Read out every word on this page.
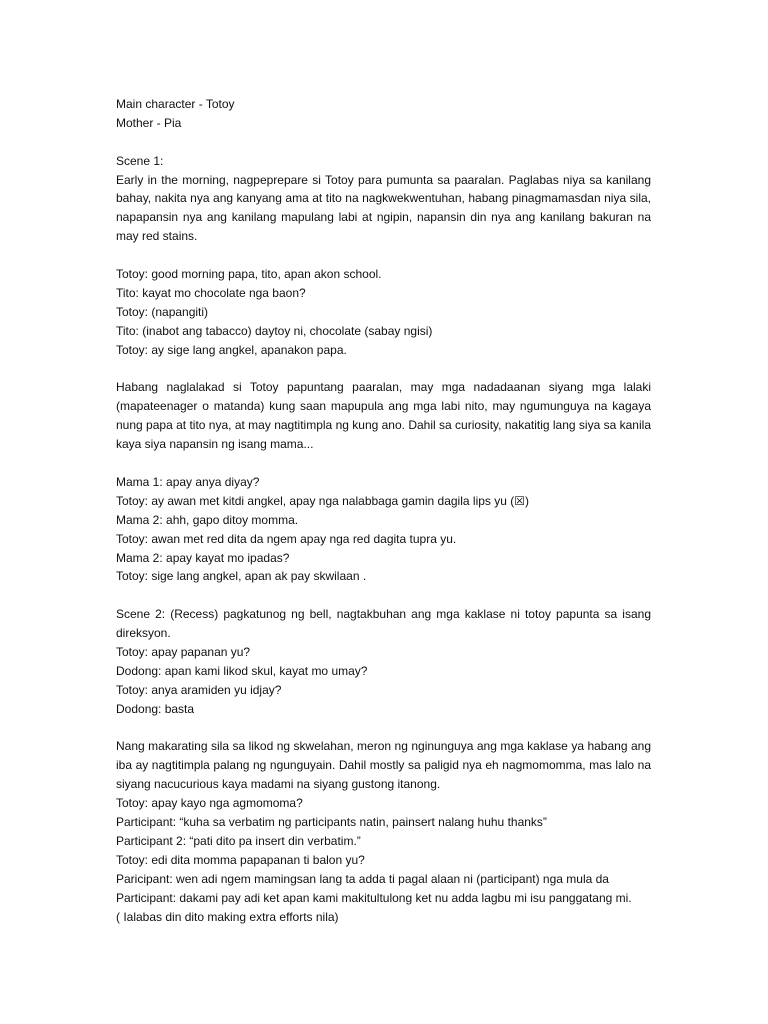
Main character - Totoy
Mother - Pia
Scene 1:
Early in the morning, nagpeprepare si Totoy para pumunta sa paaralan. Paglabas niya sa kanilang bahay, nakita nya ang kanyang ama at tito na nagkwekwentuhan, habang pinagmamasdan niya sila, napapansin nya ang kanilang mapulang labi at ngipin, napansin din nya ang kanilang bakuran na may red stains.
Totoy: good morning papa, tito, apan akon school.
Tito: kayat mo chocolate nga baon?
Totoy: (napangiti)
Tito: (inabot ang tabacco) daytoy ni, chocolate (sabay ngisi)
Totoy: ay sige lang angkel, apanakon papa.
Habang naglalakad si Totoy papuntang paaralan, may mga nadadaanan siyang mga lalaki (mapateenager o matanda) kung saan mapupula ang mga labi nito, may ngumunguya na kagaya nung papa at tito nya, at may nagtitimpla ng kung ano. Dahil sa curiosity, nakatitig lang siya sa kanila kaya siya napansin ng isang mama...
Mama 1: apay anya diyay?
Totoy: ay awan met kitdi angkel, apay nga nalabbaga gamin dagila lips yu (☒)
Mama 2: ahh, gapo ditoy momma.
Totoy: awan met red dita da ngem apay nga red dagita tupra yu.
Mama 2: apay kayat mo ipadas?
Totoy: sige lang angkel, apan ak pay skwilaan .
Scene 2: (Recess) pagkatunog ng bell, nagtakbuhan ang mga kaklase ni totoy papunta sa isang direksyon.
Totoy: apay papanan yu?
Dodong: apan kami likod skul, kayat mo umay?
Totoy: anya aramiden yu idjay?
Dodong: basta
Nang makarating sila sa likod ng skwelahan, meron ng nginunguya ang mga kaklase ya habang ang iba ay nagtitimpla palang ng ngunguyain. Dahil mostly sa paligid nya eh nagmomomma, mas lalo na siyang nacucurious kaya madami na siyang gustong itanong.
Totoy: apay kayo nga agmomoma?
Participant: “kuha sa verbatim ng participants natin, painsert nalang huhu thanks”
Participant 2: “pati dito pa insert din verbatim.”
Totoy: edi dita momma papapanan ti balon yu?
Paricipant: wen adi ngem mamingsan lang ta adda ti pagal alaan ni (participant) nga mula da
Participant: dakami pay adi ket apan kami makitultulong ket nu adda lagbu mi isu panggatang mi.
( Ialabas din dito making extra efforts nila)
